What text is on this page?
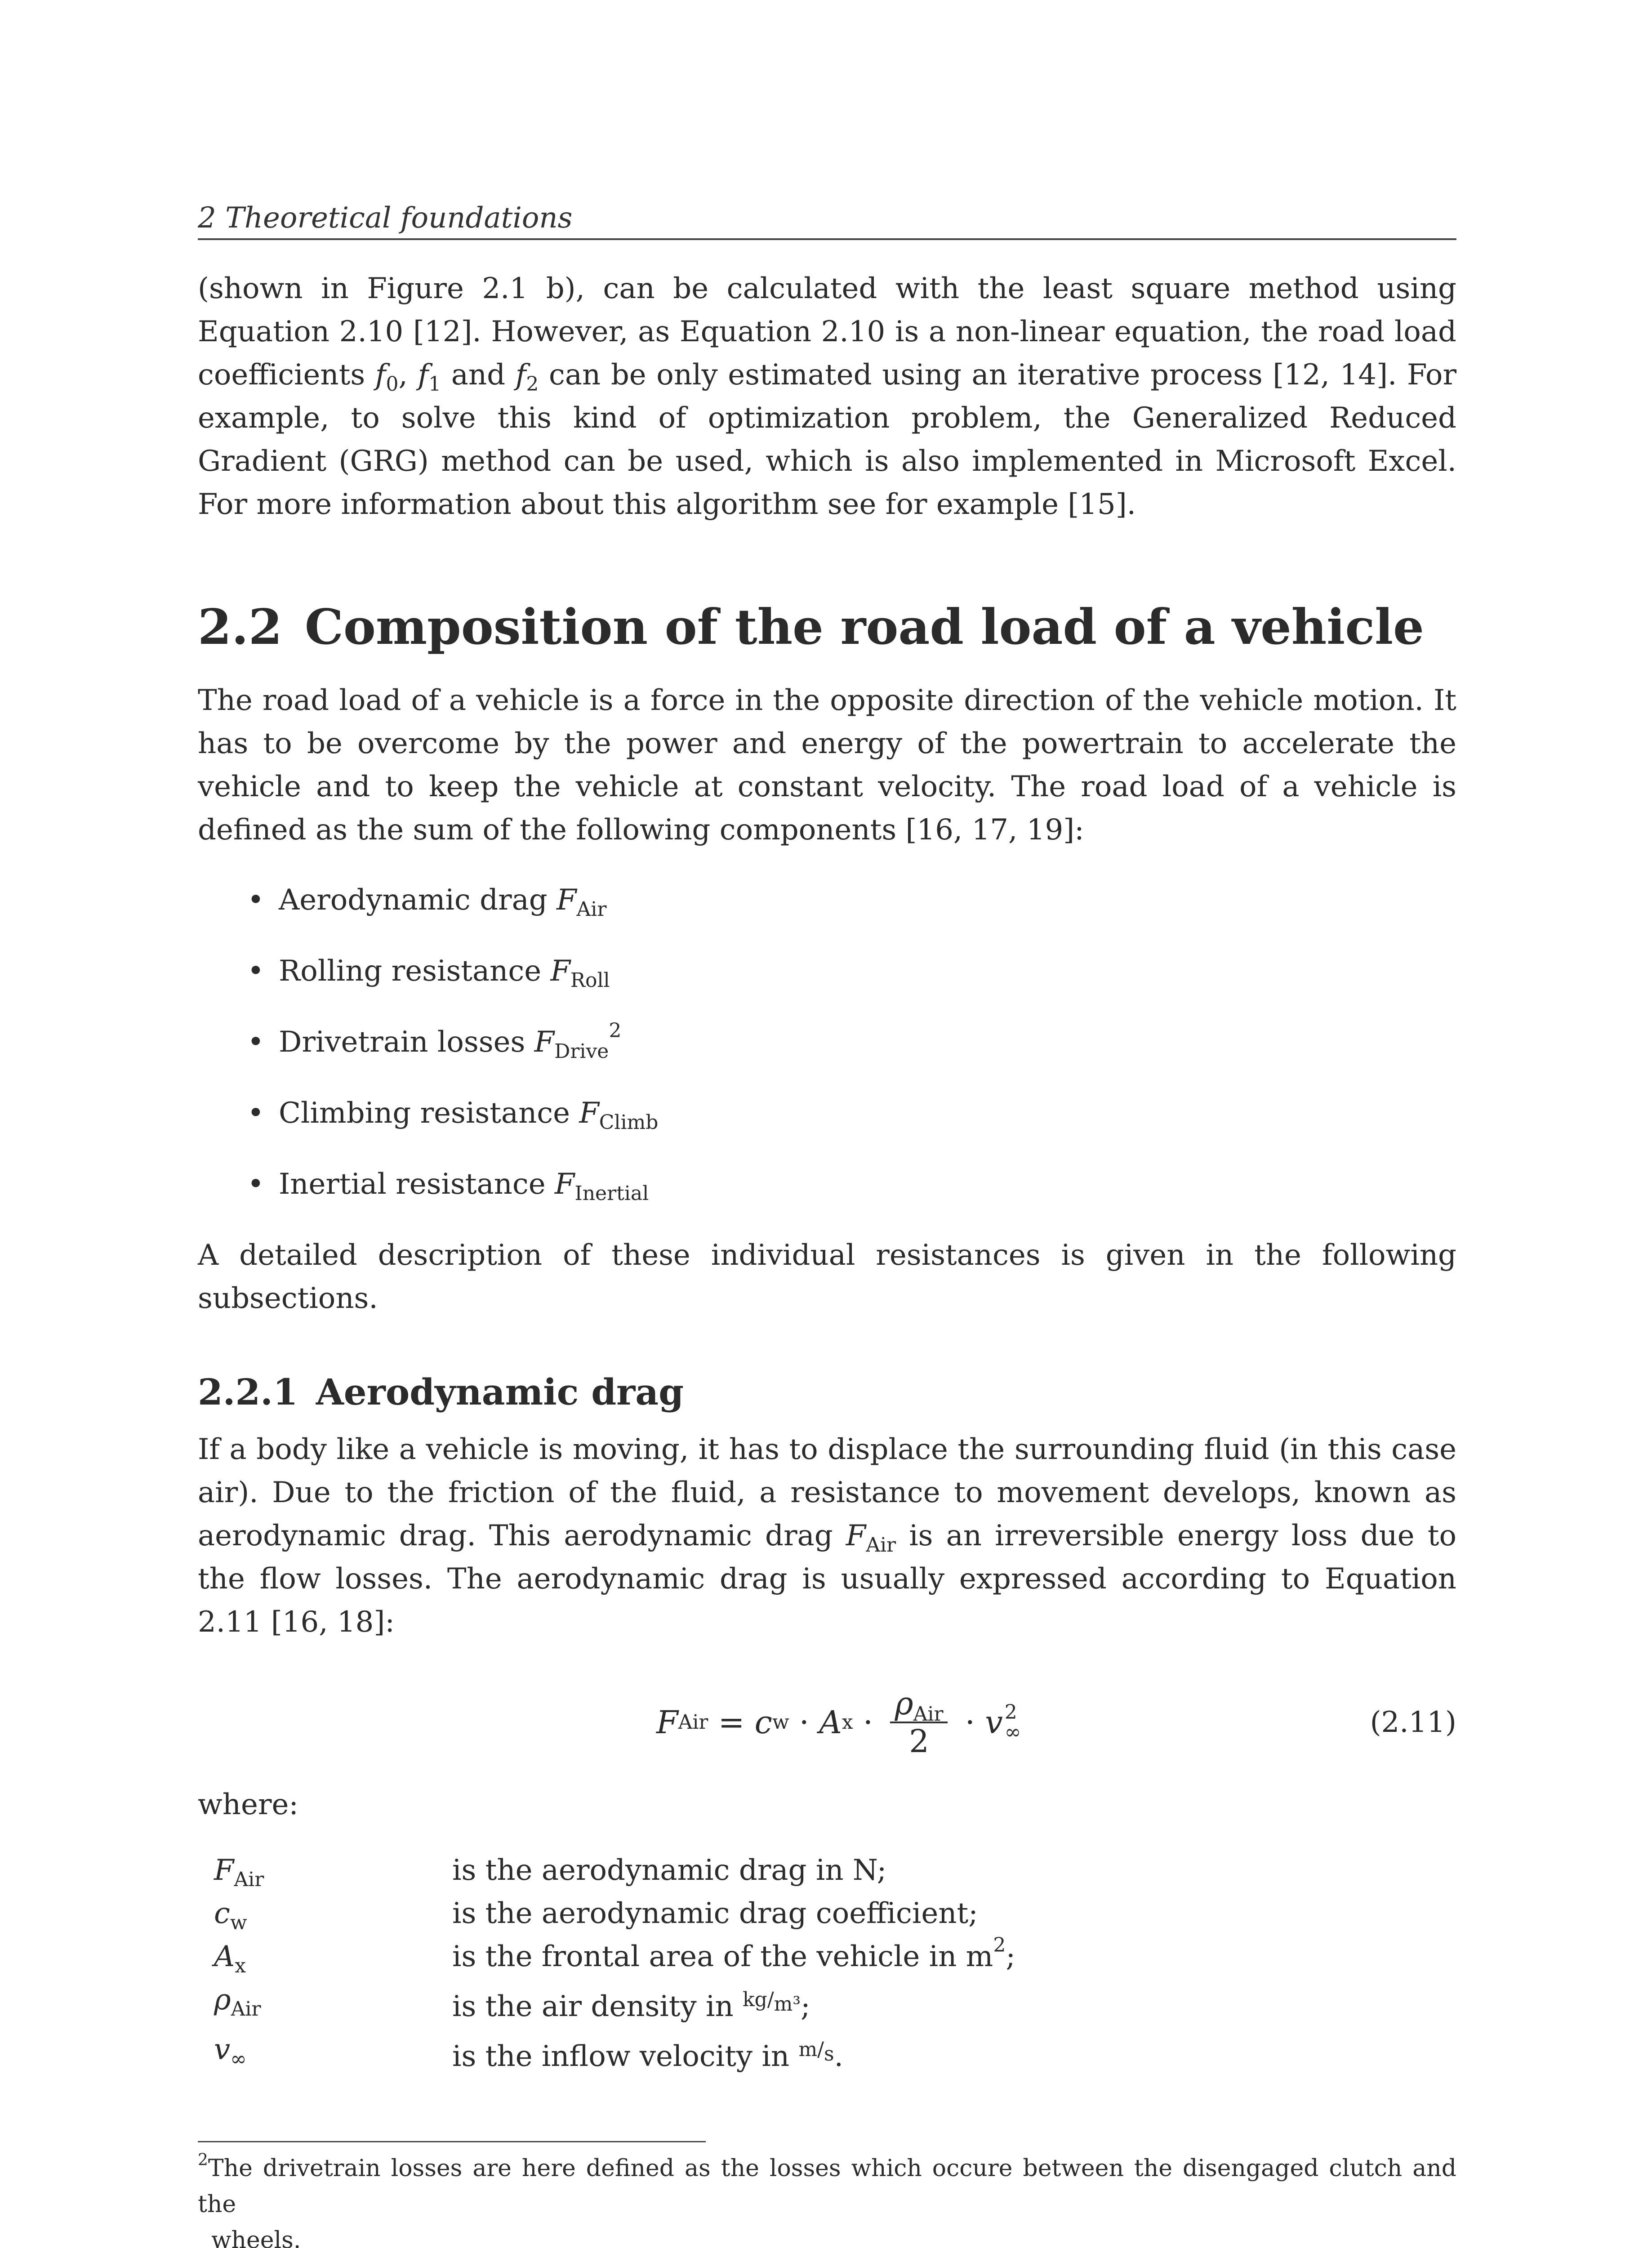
2 Theoretical foundations

(shown in Figure 2.1 b), can be calculated with the least square method using Equation 2.10 [12]. However, as Equation 2.10 is a non-linear equation, the road load coefficients $f_0$, $f_1$ and $f_2$ can be only estimated using an iterative process [12, 14]. For example, to solve this kind of optimization problem, the Generalized Reduced Gradient (GRG) method can be used, which is also implemented in Microsoft Excel. For more information about this algorithm see for example [15].

2.2 Composition of the road load of a vehicle

The road load of a vehicle is a force in the opposite direction of the vehicle motion. It has to be overcome by the power and energy of the powertrain to accelerate the vehicle and to keep the vehicle at constant velocity. The road load of a vehicle is defined as the sum of the following components [16, 17, 19]:

• Aerodynamic drag $F_{Air}$
• Rolling resistance $F_{Roll}$
• Drivetrain losses $F_{Drive}^2$
• Climbing resistance $F_{Climb}$
• Inertial resistance $F_{Inertial}$

A detailed description of these individual resistances is given in the following subsections.

2.2.1 Aerodynamic drag

If a body like a vehicle is moving, it has to displace the surrounding fluid (in this case air). Due to the friction of the fluid, a resistance to movement develops, known as aerodynamic drag. This aerodynamic drag $F_{Air}$ is an irreversible energy loss due to the flow losses. The aerodynamic drag is usually expressed according to Equation 2.11 [16, 18]:

F Air = c w · A $x \cdot \frac{\rho_{Air}}{2} \cdot v$ 2
∞	(2.11)
where:
$F_{Air}$	is the aerodynamic drag in N;
$c_w$	is the aerodynamic drag coefficient;
$A_x$	is the frontal area of the vehicle in $m^2$;
$\rho_{Air}$	is the air density in $^{kg/m^3}$;
$v_\infty$	is the inflow velocity in $^{m/s}$.
$^2$The drivetrain losses are here defined as the losses which occure between the disengaged clutch and the
wheels.
